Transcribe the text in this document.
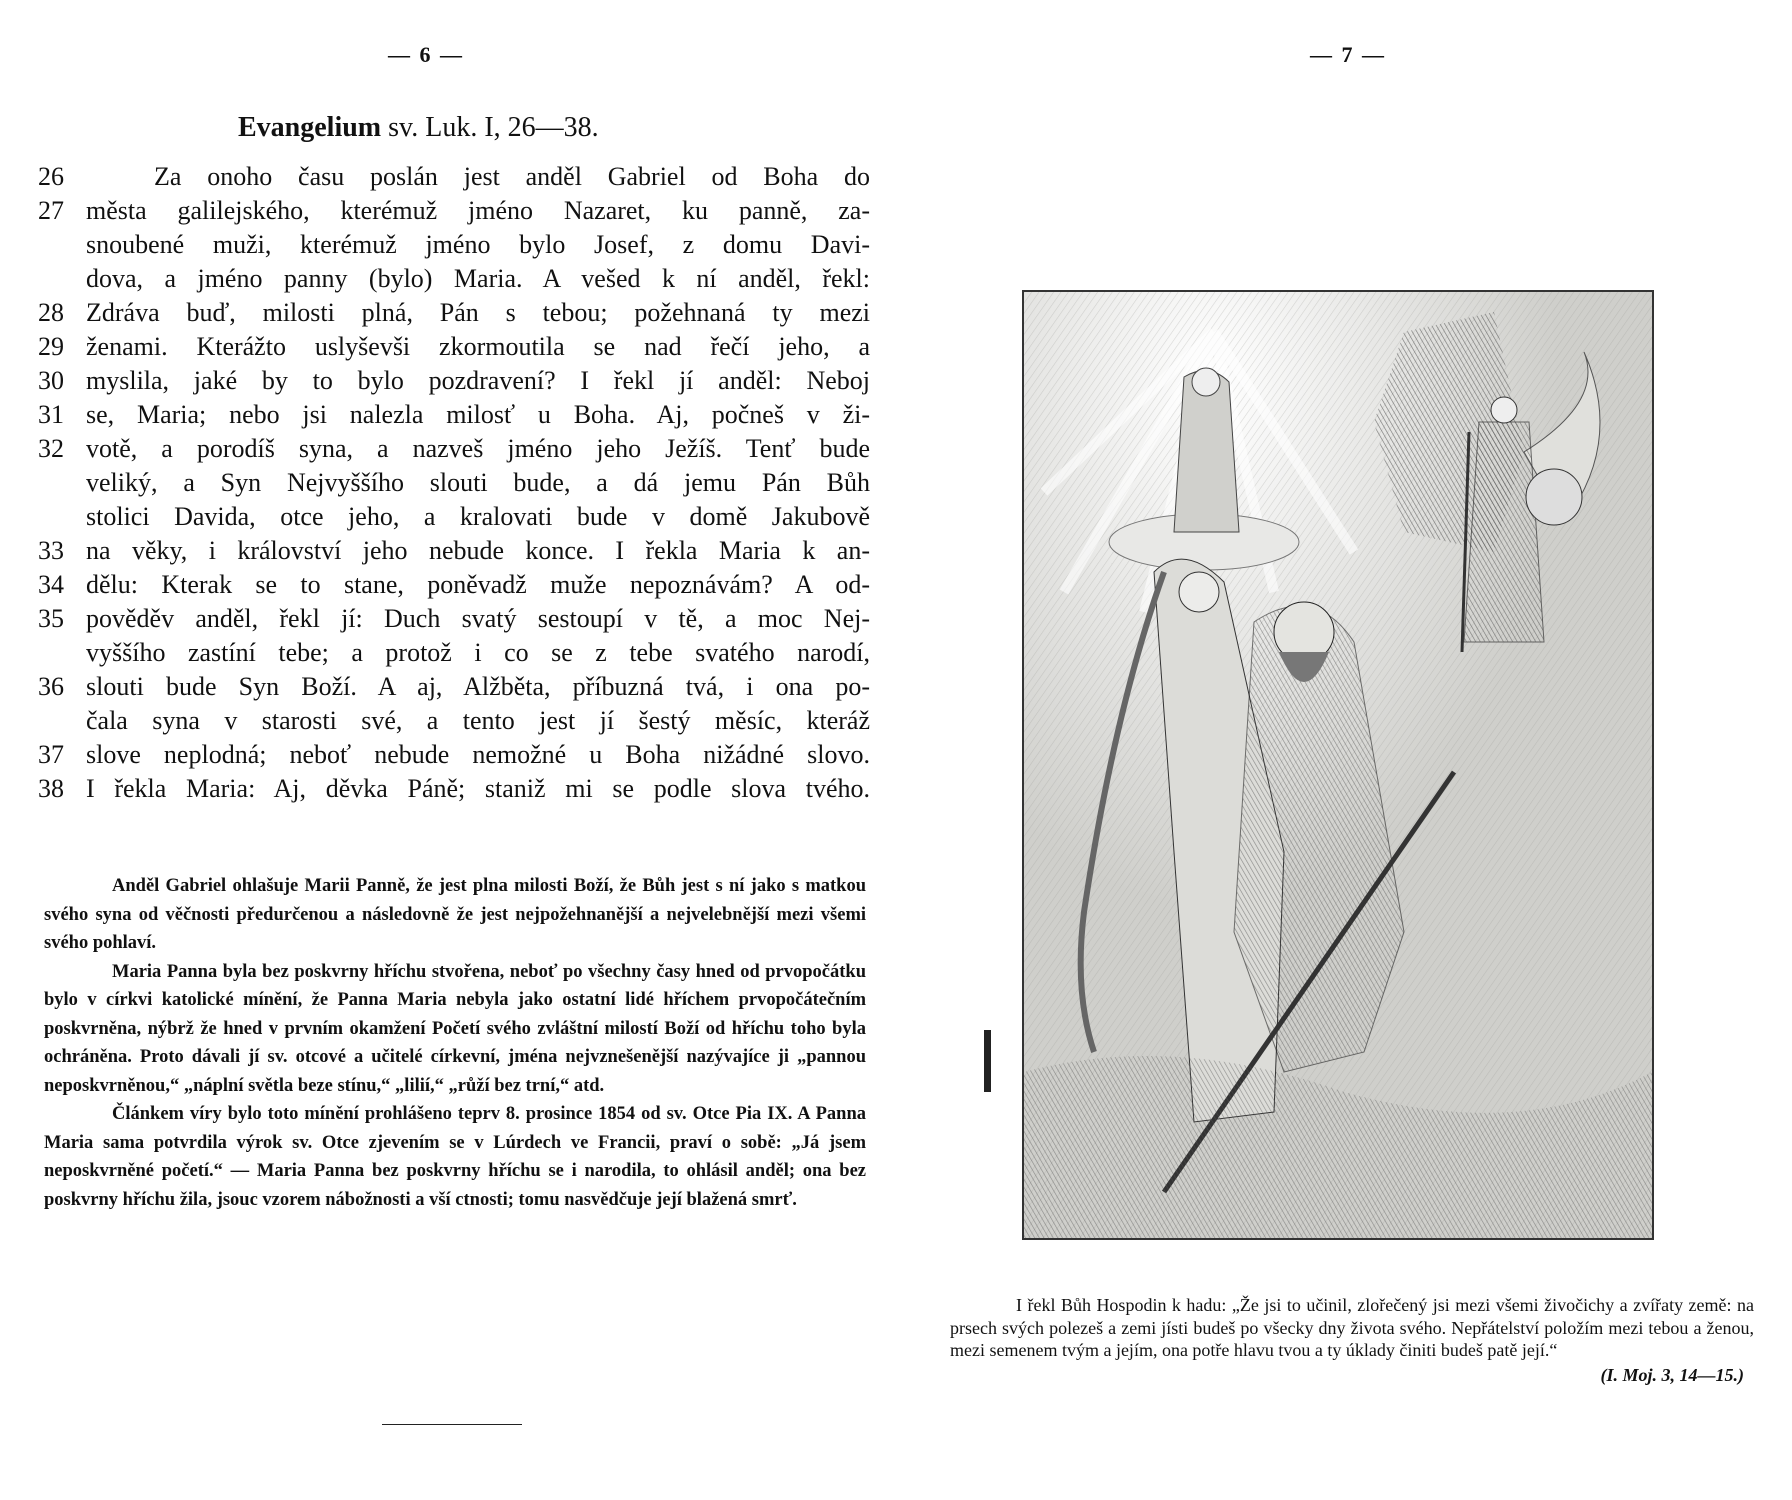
— 6 —	— 7 —
Evangelium sv. Luk. I, 26—38.
26	Za onoho času poslán jest anděl Gabriel od Boha do
27 města galilejského, kterémuž jméno Nazaret, ku panně, za-
snoubené muži, kterémuž jméno bylo Josef, z domu Davi-
dova, a jméno panny (bylo) Maria. A vešed k ní anděl, řekl:
28 Zdráva buď, milosti plná, Pán s tebou; požehnaná ty mezi
29 ženami. Kterážto uslyševši zkormoutila se nad řečí jeho, a
30 myslila, jaké by to bylo pozdravení? I řekl jí anděl: Neboj
31 se, Maria; nebo jsi nalezla milosť u Boha. Aj, počneš v ži-
32 votě, a porodíš syna, a nazveš jméno jeho Ježíš. Tenť bude
veliký, a Syn Nejvyššího slouti bude, a dá jemu Pán Bůh
stolici Davida, otce jeho, a kralovati bude v domě Jakubově
33 na věky, i království jeho nebude konce. I řekla Maria k an-
34 dělu: Kterak se to stane, poněvadž muže nepoznávám? A od-
35 pověděv anděl, řekl jí: Duch svatý sestoupí v tě, a moc Nej-
vyššího zastíní tebe; a protož i co se z tebe svatého narodí,
36 slouti bude Syn Boží. A aj, Alžběta, příbuzná tvá, i ona po-
čala syna v starosti své, a tento jest jí šestý měsíc, kteráž
37 slove neplodná; neboť nebude nemožné u Boha nižádné slovo.
38 I řekla Maria: Aj, děvka Páně; staniž mi se podle slova tvého.

Anděl Gabriel ohlašuje Marii Panně, že jest plna milosti Boží, že Bůh jest s ní jako s matkou svého syna od věčnosti předurčenou a následovně že jest nejpožehnanější a nejvelebnější mezi všemi svého pohlaví.

Maria Panna byla bez poskvrny hříchu stvořena, neboť po všechny časy hned od prvopočátku bylo v církvi katolické mínění, že Panna Maria nebyla jako ostatní lidé hříchem prvopočátečním poskvrněna, nýbrž že hned v prvním okamžení Početí svého zvláštní milostí Boží od hříchu toho byla ochráněna. Proto dávali jí sv. otcové a učitelé církevní, jména nejvznešenější nazývajíce ji „pannou neposkvrněnou,“ „náplní světla beze stínu,“ „lilií,“ „růží bez trní,“ atd.

Článkem víry bylo toto mínění prohlášeno teprv 8. prosince 1854 od sv. Otce Pia IX. A Panna Maria sama potvrdila výrok sv. Otce zjevením se v Lúrdech ve Francii, praví o sobě: „Já jsem neposkvrněné početí.“ — Maria Panna bez poskvrny hříchu se i narodila, to ohlásil anděl; ona bez poskvrny hříchu žila, jsouc vzorem nábožnosti a vší ctnosti; tomu nasvědčuje její blažená smrť.

I řekl Bůh Hospodin k hadu: „Že jsi to učinil, zlořečený jsi mezi všemi živočichy a zvířaty země: na prsech svých polezeš a zemi jísti budeš po všecky dny života svého. Nepřátelství položím mezi tebou a ženou, mezi semenem tvým a jejím, ona potře hlavu tvou a ty úklady činiti budeš patě její.“

(I. Moj. 3, 14—15.)
